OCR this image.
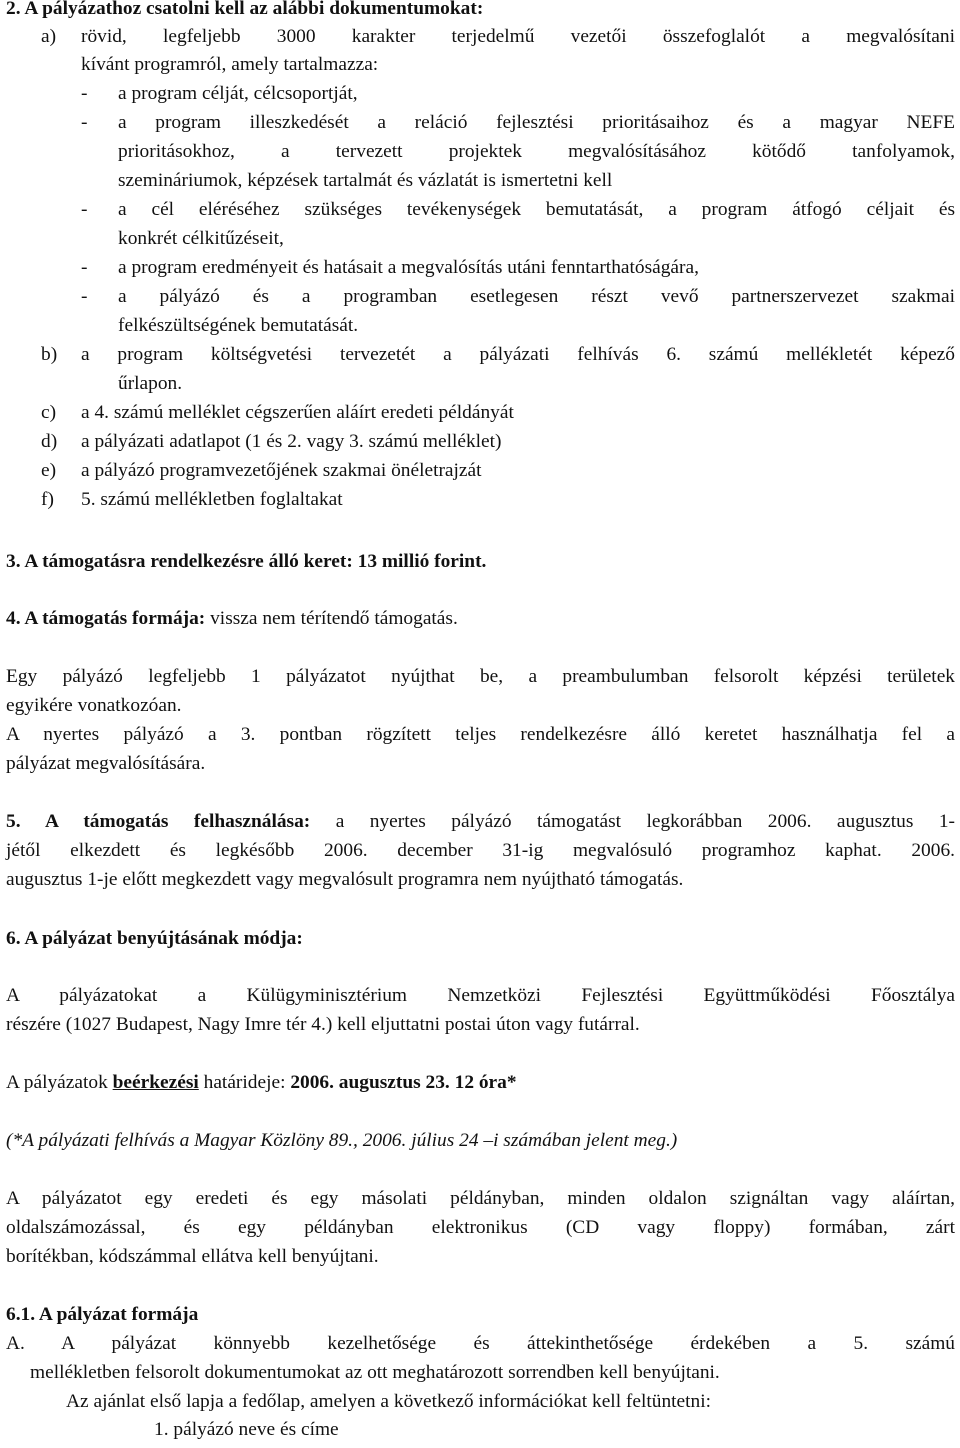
2. A pályázathoz csatolni kell az alábbi dokumentumokat:
a) rövid, legfeljebb 3000 karakter terjedelmű vezetői összefoglalót a megvalósítani
kívánt programról, amely tartalmazza:
- a program célját, célcsoportját,
- a program illeszkedését a reláció fejlesztési prioritásaihoz és a magyar NEFE
prioritásokhoz, a tervezett projektek megvalósításához kötődő tanfolyamok,
szemináriumok, képzések tartalmát és vázlatát is ismertetni kell
- a cél eléréséhez szükséges tevékenységek bemutatását, a program átfogó céljait és
konkrét célkitűzéseit,
- a program eredményeit és hatásait a megvalósítás utáni fenntarthatóságára,
- a pályázó és a programban esetlegesen részt vevő partnerszervezet szakmai
felkészültségének bemutatását.
b) a program költségvetési tervezetét a pályázati felhívás 6. számú mellékletét képező
űrlapon.
c) a 4. számú melléklet cégszerűen aláírt eredeti példányát
d) a pályázati adatlapot (1 és 2. vagy 3. számú melléklet)
e) a pályázó programvezetőjének szakmai önéletrajzát
f) 5. számú mellékletben foglaltakat
3. A támogatásra rendelkezésre álló keret: 13 millió forint.
4. A támogatás formája: vissza nem térítendő támogatás.
Egy pályázó legfeljebb 1 pályázatot nyújthat be, a preambulumban felsorolt képzési területek
egyikére vonatkozóan.
A nyertes pályázó a 3. pontban rögzített teljes rendelkezésre álló keretet használhatja fel a
pályázat megvalósítására.
5. A támogatás felhasználása: a nyertes pályázó támogatást legkorábban 2006. augusztus 1-
jétől elkezdett és legkésőbb 2006. december 31-ig megvalósuló programhoz kaphat. 2006.
augusztus 1-je előtt megkezdett vagy megvalósult programra nem nyújtható támogatás.
6. A pályázat benyújtásának módja:
A pályázatokat a Külügyminisztérium Nemzetközi Fejlesztési Együttműködési Főosztálya
részére (1027 Budapest, Nagy Imre tér 4.) kell eljuttatni postai úton vagy futárral.
A pályázatok beérkezési határideje: 2006. augusztus 23. 12 óra*
(*A pályázati felhívás a Magyar Közlöny 89., 2006. július 24 –i számában jelent meg.)
A pályázatot egy eredeti és egy másolati példányban, minden oldalon szignáltan vagy aláírtan,
oldalszámozással, és egy példányban elektronikus (CD vagy floppy) formában, zárt
borítékban, kódszámmal ellátva kell benyújtani.
6.1. A pályázat formája
A. A pályázat könnyebb kezelhetősége és áttekinthetősége érdekében a 5. számú
mellékletben felsorolt dokumentumokat az ott meghatározott sorrendben kell benyújtani.
Az ajánlat első lapja a fedőlap, amelyen a következő információkat kell feltüntetni:
1. pályázó neve és címe
